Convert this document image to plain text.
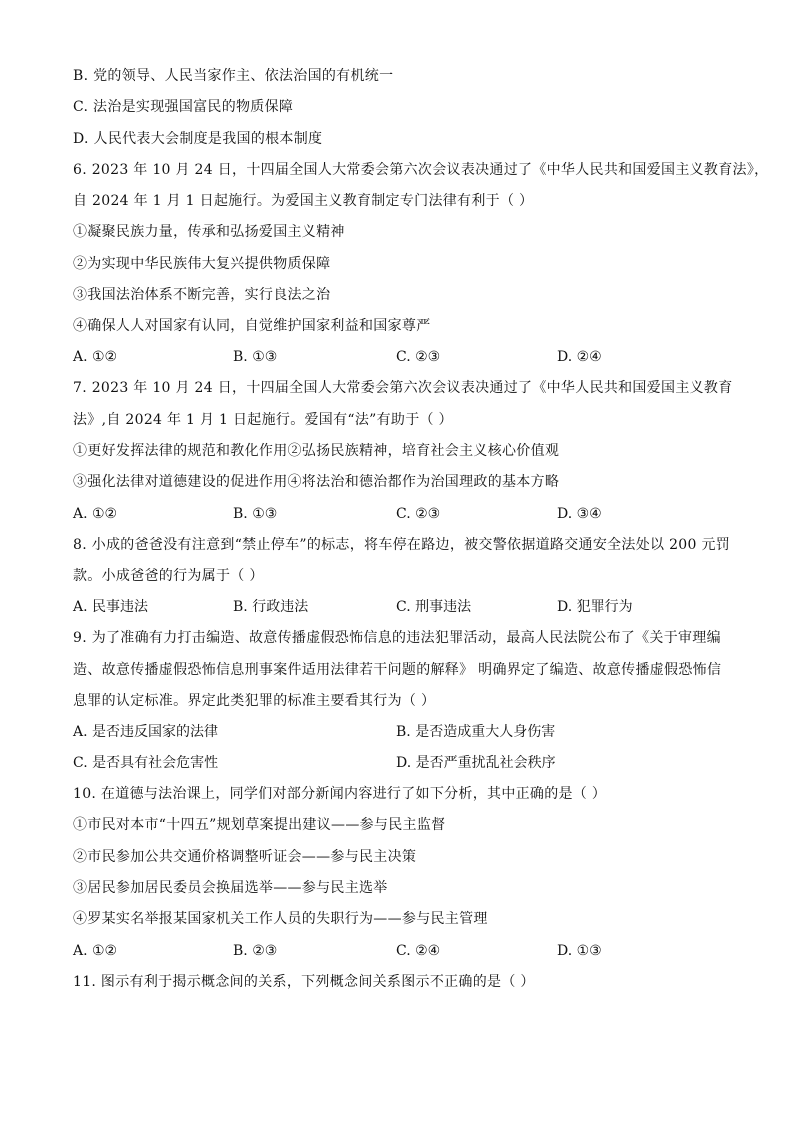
B. 党的领导、人民当家作主、依法治国的有机统一
C. 法治是实现强国富民的物质保障
D. 人民代表大会制度是我国的根本制度
6. 2023 年 10 月 24 日，十四届全国人大常委会第六次会议表决通过了《中华人民共和国爱国主义教育法》，
自 2024 年 1 月 1 日起施行。为爱国主义教育制定专门法律有利于（ ）
①凝聚民族力量，传承和弘扬爱国主义精神
②为实现中华民族伟大复兴提供物质保障
③我国法治体系不断完善，实行良法之治
④确保人人对国家有认同，自觉维护国家利益和国家尊严
A. ①②	B. ①③	C. ②③	D. ②④
7. 2023 年 10 月 24 日，十四届全国人大常委会第六次会议表决通过了《中华人民共和国爱国主义教育
法》,自 2024 年 1 月 1 日起施行。爱国有“法”有助于（ ）
①更好发挥法律的规范和教化作用②弘扬民族精神，培育社会主义核心价值观
③强化法律对道德建设的促进作用④将法治和德治都作为治国理政的基本方略
A. ①②	B. ①③	C. ②③	D. ③④
8. 小成的爸爸没有注意到“禁止停车”的标志，将车停在路边，被交警依据道路交通安全法处以 200 元罚
款。小成爸爸的行为属于（ ）
A. 民事违法	B. 行政违法	C. 刑事违法	D. 犯罪行为
9. 为了准确有力打击编造、故意传播虚假恐怖信息的违法犯罪活动，最高人民法院公布了《关于审理编
造、故意传播虚假恐怖信息刑事案件适用法律若干问题的解释》 明确界定了编造、故意传播虚假恐怖信
息罪的认定标准。界定此类犯罪的标准主要看其行为（ ）
A. 是否违反国家的法律	B. 是否造成重大人身伤害
C. 是否具有社会危害性	D. 是否严重扰乱社会秩序
10. 在道德与法治课上，同学们对部分新闻内容进行了如下分析，其中正确的是（ ）
①市民对本市“十四五”规划草案提出建议——参与民主监督
②市民参加公共交通价格调整听证会——参与民主决策
③居民参加居民委员会换届选举——参与民主选举
④罗某实名举报某国家机关工作人员的失职行为——参与民主管理
A. ①②	B. ②③	C. ②④	D. ①③
11. 图示有利于揭示概念间的关系，下列概念间关系图示不正确的是（ ）
